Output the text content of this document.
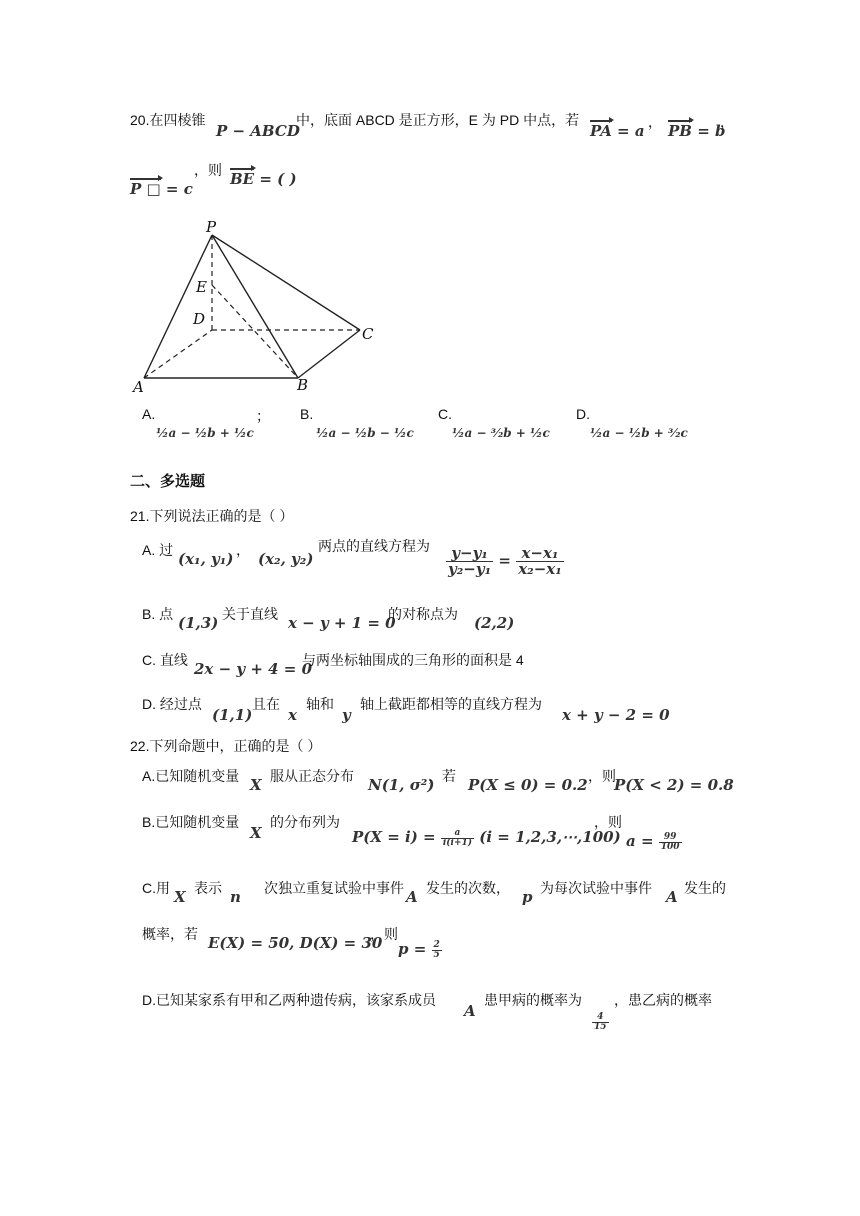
20.在四棱锥
P − ABCD
中，底面 ABCD 是正方形，E 为 PD 中点，若
PA = a ， PB = b
，
P □ = c
，则 BE = ( )
P
E
D
C
A	B
A.	；
½a − ½b + ½c
B.
½a − ½b − ½c
C.
½a − ³⁄₂b + ½c
D.
½a − ½b + ³⁄₂c
二、多选题
21.下列说法正确的是（ ）
A. 过 (x₁, y₁) ， (x₂, y₂)
两点的直线方程为 $\frac{\text{y−y₁}}{\text{y₂−y₁}} = \frac{\text{x−x₁}}{\text{x₂−x₁}}$
B. 点 (1,3) 关于直线 x − y + 1 = 0
的对称点为 (2,2)
C. 直线 2x − y + 4 = 0
与两坐标轴围成的三角形的面积是 4
D. 经过点
(1,1)
且在
x
轴和
y
轴上截距都相等的直线方程为
x + y − 2 = 0
22.下列命题中，正确的是（ ）
A.已知随机变量 X 服从正态分布 N(1, σ²)
，若 P(X ≤ 0) = 0.2 ，则
P(X < 2) = 0.8
B.已知随机变量
X
的分布列为
$P(X = i) = \frac{a}{i(i+1)} (i$ = 1,2,3,⋯,100)
，则
$a = \frac{99}{100}$
C.用 X 表示 n 次独立重复试验中事件 A 发生的次数， p 为每次试验中事件 A 发生的
概率，若 E(X) = 50, D(X) = 30
，则
$p = \frac{2}{5}$
D.已知某家系有甲和乙两种遗传病，该家系成员
A
患甲病的概率为
$\frac{4}{15}$
，患乙病的概率
